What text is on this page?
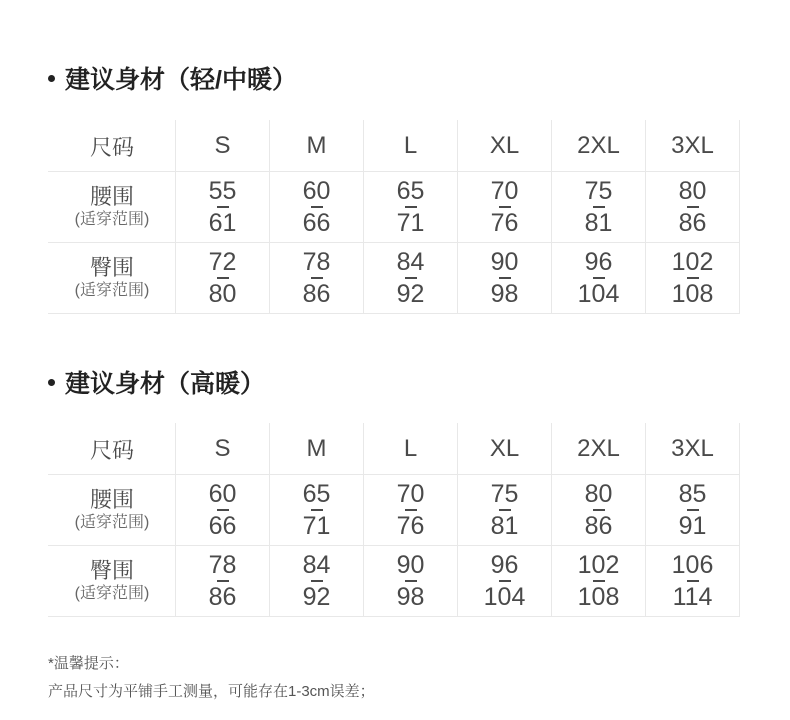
建议身材（轻/中暖）
尺码	S	M	L	XL	2XL	3XL

腰围
(适穿范围)	$\frac{55}{61}$	$\frac{60}{66}$	$\frac{65}{71}$	$\frac{70}{76}$	$\frac{75}{81}$	$\frac{80}{86}$

臀围
(适穿范围)	$\frac{72}{80}$	$\frac{78}{86}$	$\frac{84}{92}$	$\frac{90}{98}$	$\frac{96}{104}$	$\frac{102}{108}$
建议身材（高暖）
尺码	S	M	L	XL	2XL	3XL

腰围
(适穿范围)	$\frac{60}{66}$	$\frac{65}{71}$	$\frac{70}{76}$	$\frac{75}{81}$	$\frac{80}{86}$	$\frac{85}{91}$

臀围
(适穿范围)	$\frac{78}{86}$	$\frac{84}{92}$	$\frac{90}{98}$	$\frac{96}{104}$	$\frac{102}{108}$	$\frac{106}{114}$
*温馨提示：
产品尺寸为平铺手工测量，可能存在1-3cm误差；
